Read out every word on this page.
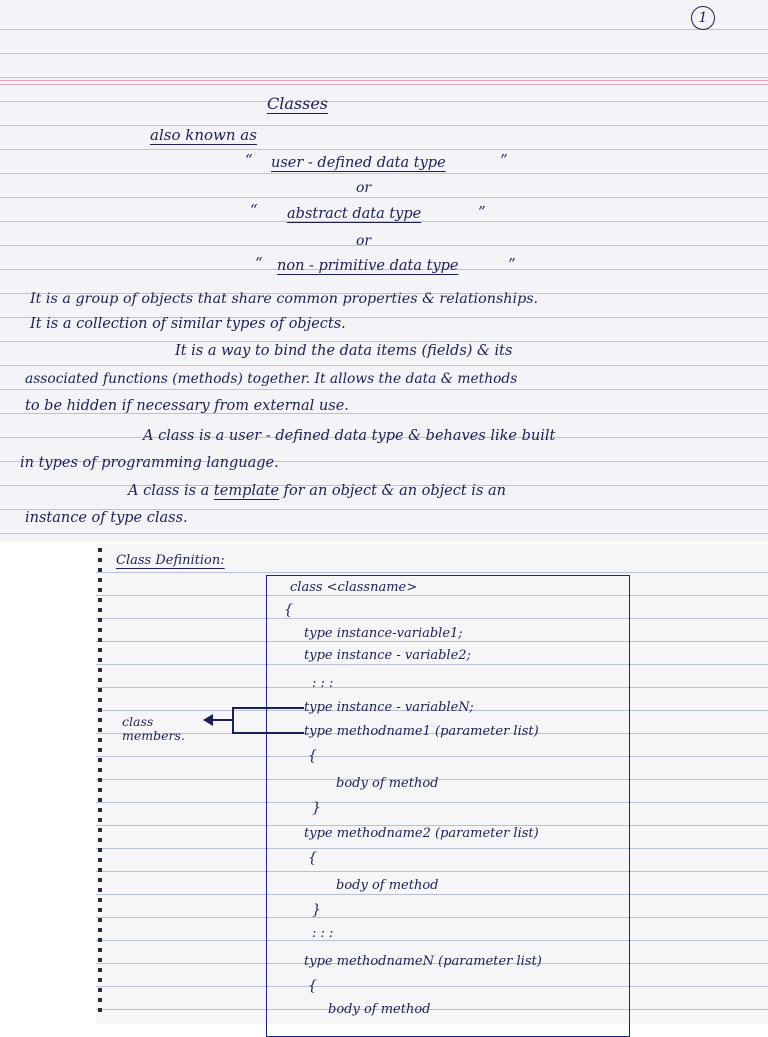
1
Classes
also known as
“ user - defined data type	”
or
“ abstract data type	”
or
“ non - primitive data type	”
It is a group of objects that share common properties & relationships.
It is a collection of similar types of objects.
It is a way to bind the data items (fields) & its
associated functions (methods) together. It allows the data & methods
to be hidden if necessary from external use.
A class is a user - defined data type & behaves like built
in types of programming language.
A class is a template for an object & an object is an
instance of type class.
Class Definition:
class
members.
class <classname>
{
type instance-variable1;
type instance - variable2;
: : :
type instance - variableN;
type methodname1 (parameter list)
{
body of method
}
type methodname2 (parameter list)
{
body of method
}
: : :
type methodnameN (parameter list)
{
body of method
